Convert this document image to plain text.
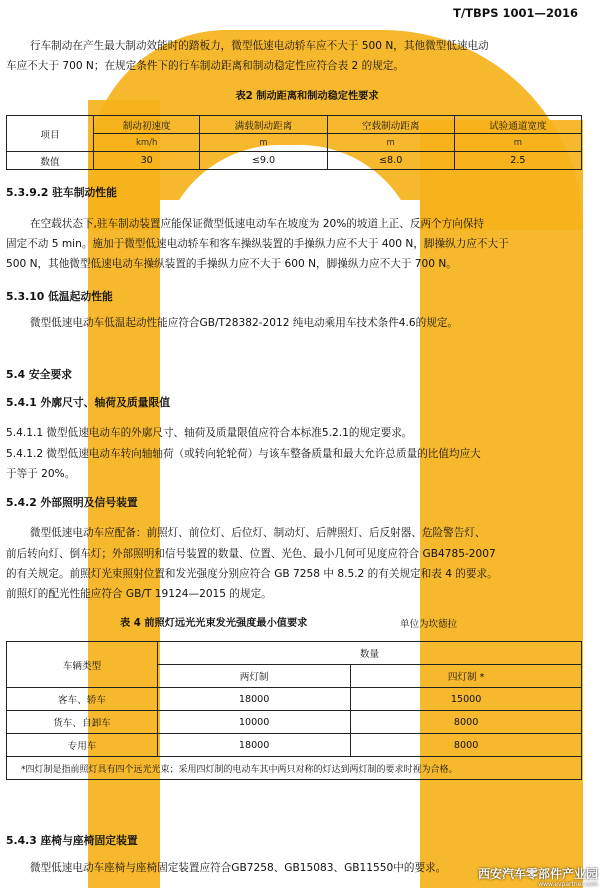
T/TBPS 1001—2016
行车制动在产生最大制动效能时的踏板力，微型低速电动轿车应不大于 500 N，其他微型低速电动
车应不大于 700 N；在规定条件下的行车制动距离和制动稳定性应符合表 2 的规定。
表2 制动距离和制动稳定性要求
项目	制动初速度	满载制动距离	空载制动距离	试验通道宽度
	km/h	m	m	m
数值	30	≤9.0	≤8.0	2.5
5.3.9.2 驻车制动性能
在空载状态下,驻车制动装置应能保证微型低速电动车在坡度为 20%的坡道上正、反两个方向保持
固定不动 5 min。施加于微型低速电动轿车和客车操纵装置的手操纵力应不大于 400 N，脚操纵力应不大于
500 N，其他微型低速电动车操纵装置的手操纵力应不大于 600 N，脚操纵力应不大于 700 N。
5.3.10 低温起动性能
微型低速电动车低温起动性能应符合GB/T28382-2012 纯电动乘用车技术条件4.6的规定。
5.4 安全要求
5.4.1 外廓尺寸、轴荷及质量限值
5.4.1.1 微型低速电动车的外廓尺寸、轴荷及质量限值应符合本标准5.2.1的规定要求。
5.4.1.2 微型低速电动车转向轴轴荷（或转向轮轮荷）与该车整备质量和最大允许总质量的比值均应大
于等于 20%。
5.4.2 外部照明及信号装置
微型低速电动车应配备：前照灯、前位灯、后位灯、制动灯、后牌照灯、后反射器、危险警告灯、
前后转向灯、倒车灯；外部照明和信号装置的数量、位置、光色、最小几何可见度应符合 GB4785-2007
的有关规定。前照灯光束照射位置和发光强度分别应符合 GB 7258 中 8.5.2 的有关规定和表 4 的要求。
前照灯的配光性能应符合 GB/T 19124—2015 的规定。
表 4 前照灯远光光束发光强度最小值要求	单位为坎德拉
车辆类型	数量	
	两灯制	四灯制 *
客车、轿车	18000	15000
货车、自卸车	10000	8000
专用车	18000	8000
*四灯制是指前照灯具有四个远光光束；采用四灯制的电动车其中两只对称的灯达到两灯制的要求时视为合格。		
5.4.3 座椅与座椅固定装置
微型低速电动车座椅与座椅固定装置应符合GB7258、GB15083、GB11550中的要求。	西安汽车零部件产业园
www.evpartner.com
